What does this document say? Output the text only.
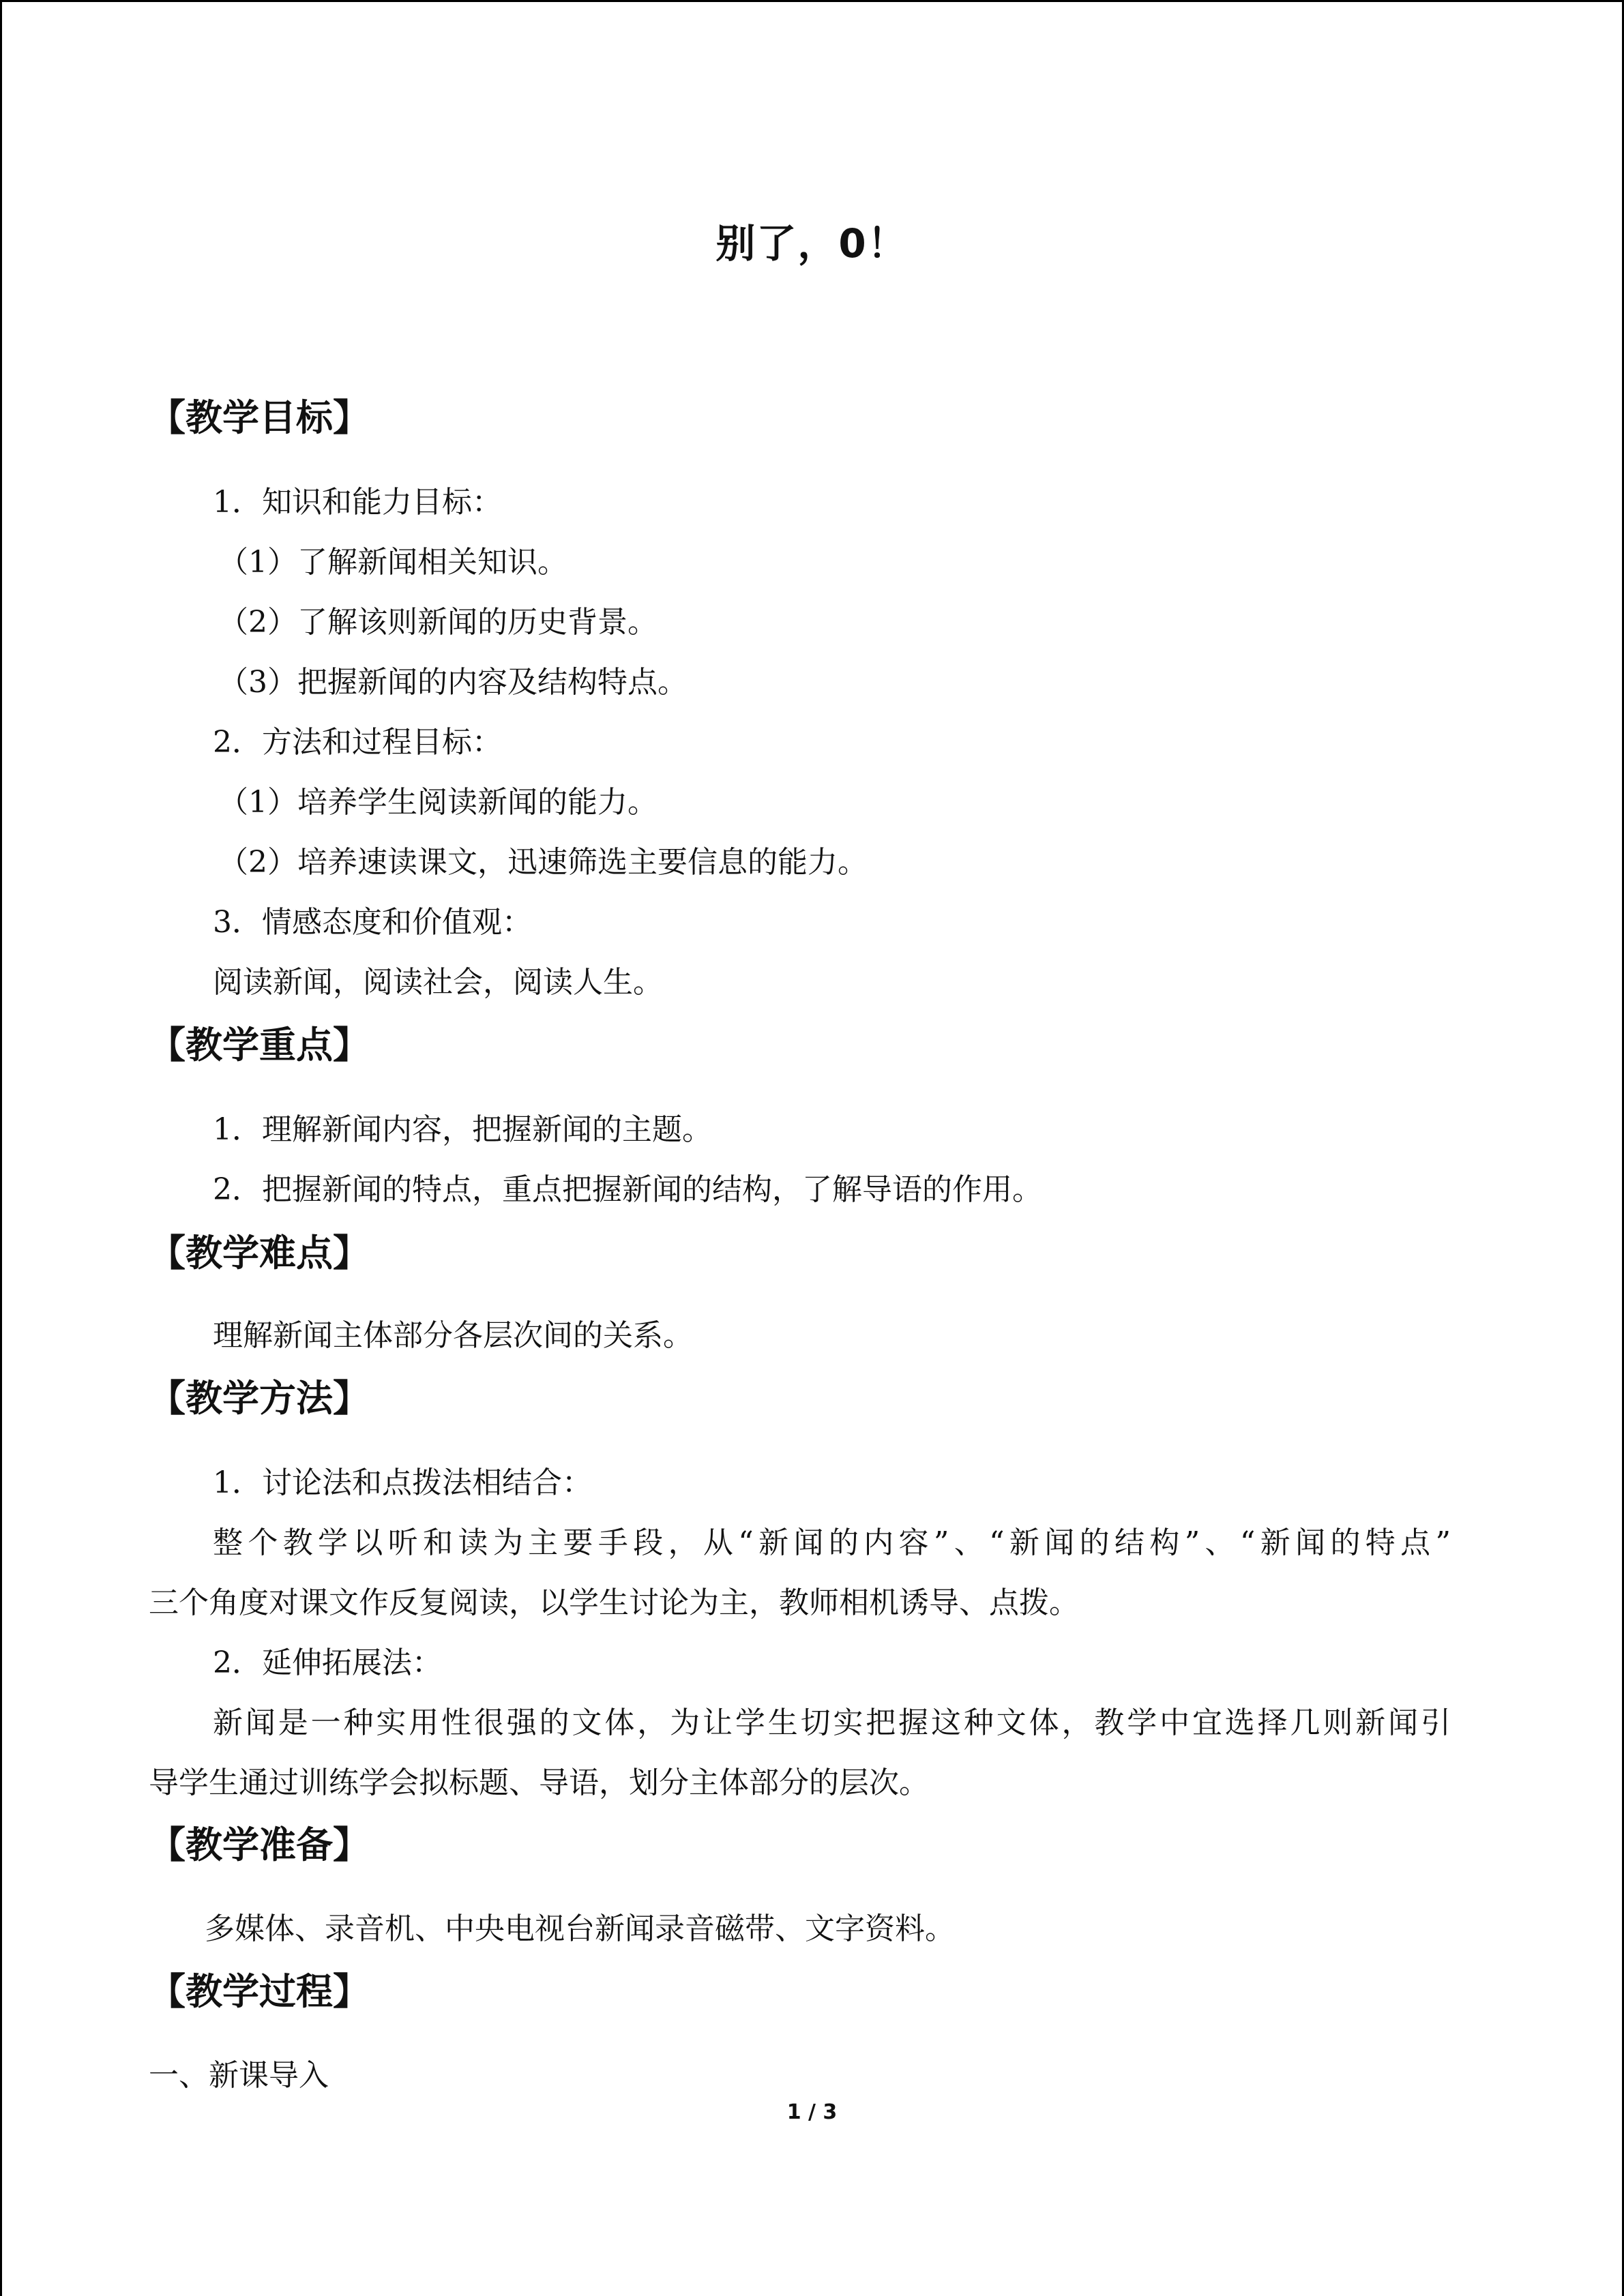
别了，0！
【教学目标】
1．知识和能力目标：
（1）了解新闻相关知识。
（2）了解该则新闻的历史背景。
（3）把握新闻的内容及结构特点。
2．方法和过程目标：
（1）培养学生阅读新闻的能力。
（2）培养速读课文，迅速筛选主要信息的能力。
3．情感态度和价值观：
阅读新闻，阅读社会，阅读人生。
【教学重点】
1．理解新闻内容，把握新闻的主题。
2．把握新闻的特点，重点把握新闻的结构，了解导语的作用。
【教学难点】
理解新闻主体部分各层次间的关系。
【教学方法】
1．讨论法和点拨法相结合：
整个教学以听和读为主要手段，从“新闻的内容”、“新闻的结构”、“新闻的特点”
三个角度对课文作反复阅读，以学生讨论为主，教师相机诱导、点拨。
2．延伸拓展法：
新闻是一种实用性很强的文体，为让学生切实把握这种文体，教学中宜选择几则新闻引
导学生通过训练学会拟标题、导语，划分主体部分的层次。
【教学准备】
多媒体、录音机、中央电视台新闻录音磁带、文字资料。
【教学过程】
一、新课导入
1 / 3
